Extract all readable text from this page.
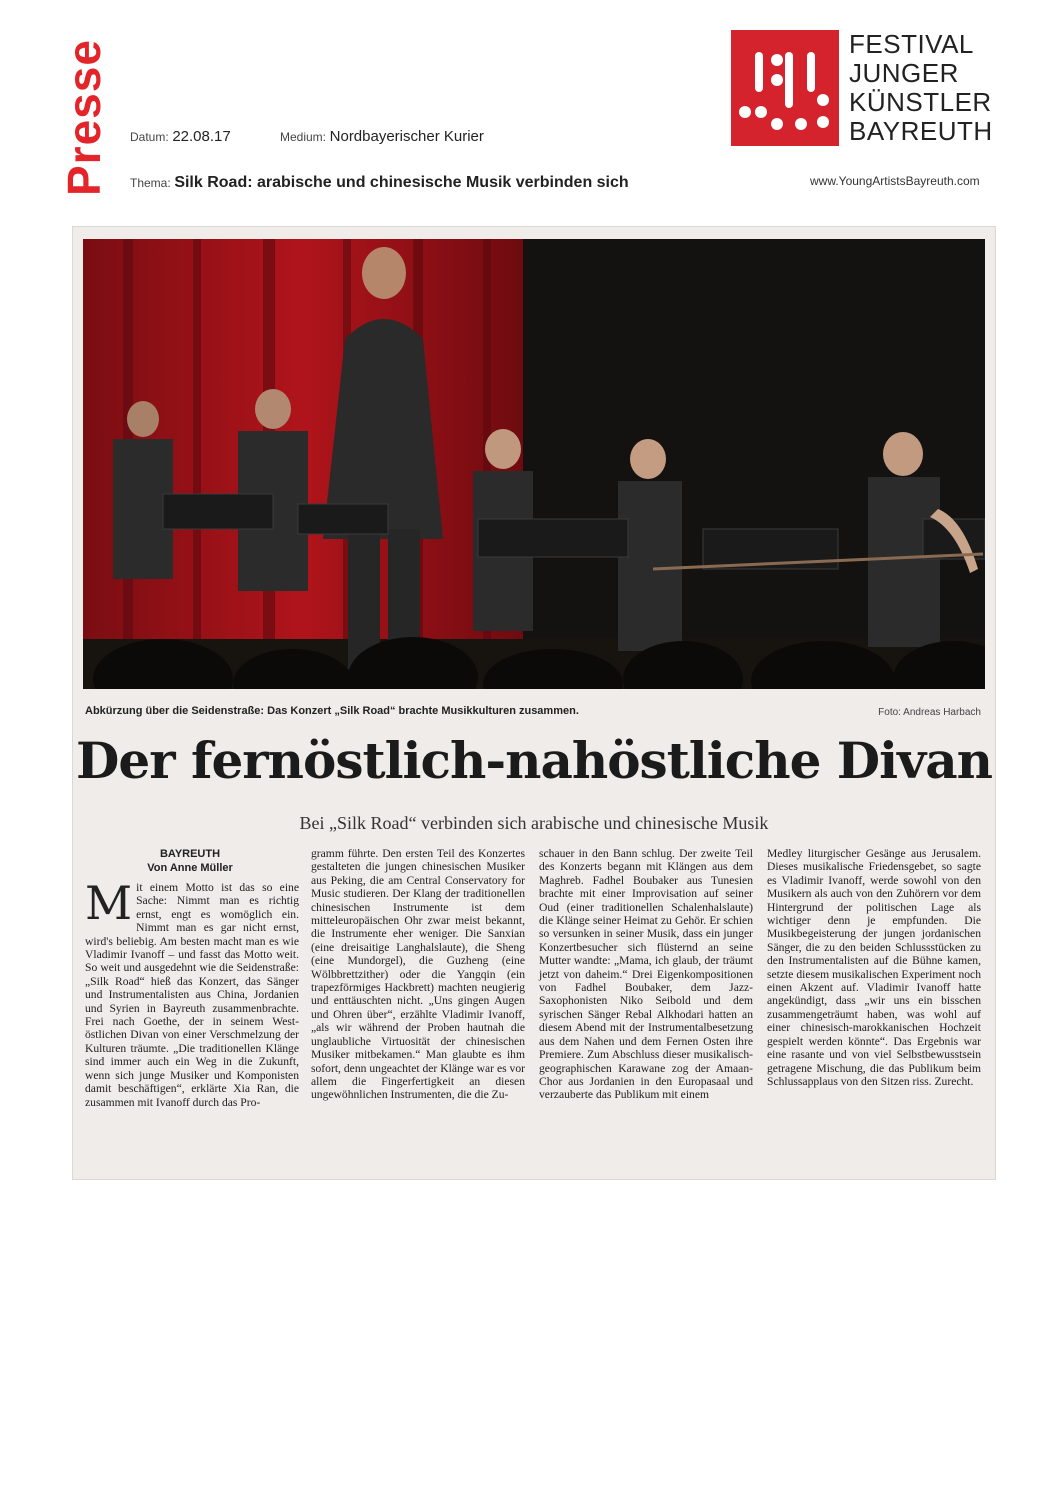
Presse Datum: 22.08.17	Medium: Nordbayerischer Kurier
Thema: Silk Road: arabische und chinesische Musik verbinden sich
FESTIVAL
JUNGER
KÜNSTLER
BAYREUTH
www.YoungArtistsBayreuth.com
Abkürzung über die Seidenstraße: Das Konzert „Silk Road“ brachte Musikkulturen zusammen.	Foto: Andreas Harbach
Der fernöstlich-nahöstliche Divan
Bei „Silk Road“ verbinden sich arabische und chinesische Musik
BAYREUTH
Von Anne Müller
Mit einem Motto ist das so eine Sache: Nimmt man es richtig ernst, engt es womöglich ein. Nimmt man es gar nicht ernst, wird's beliebig. Am besten macht man es wie Vladimir Ivanoff – und fasst das Motto weit. So weit und ausgedehnt wie die Seidenstraße: „Silk Road“ hieß das Konzert, das Sänger und Instrumentalisten aus China, Jordanien und Syrien in Bayreuth zusammenbrachte. Frei nach Goethe, der in seinem West-östlichen Divan von einer Verschmelzung der Kulturen träumte. „Die traditionellen Klänge sind immer auch ein Weg in die Zukunft, wenn sich junge Musiker und Komponisten damit beschäftigen“, erklärte Xia Ran, die zusammen mit Ivanoff durch das Pro-
gramm führte. Den ersten Teil des Konzertes gestalteten die jungen chinesischen Musiker aus Peking, die am Central Conservatory for Music studieren. Der Klang der traditionellen chinesischen Instrumente ist dem mitteleuropäischen Ohr zwar meist bekannt, die Instrumente eher weniger. Die Sanxian (eine dreisaitige Langhalslaute), die Sheng (eine Mundorgel), die Guzheng (eine Wölbbrettzither) oder die Yangqin (ein trapezförmiges Hackbrett) machten neugierig und enttäuschten nicht. „Uns gingen Augen und Ohren über“, erzählte Vladimir Ivanoff, „als wir während der Proben hautnah die unglaubliche Virtuosität der chinesischen Musiker mitbekamen.“ Man glaubte es ihm sofort, denn ungeachtet der Klänge war es vor allem die Fingerfertigkeit an diesen ungewöhnlichen Instrumenten, die die Zu-
schauer in den Bann schlug. Der zweite Teil des Konzerts begann mit Klängen aus dem Maghreb. Fadhel Boubaker aus Tunesien brachte mit einer Improvisation auf seiner Oud (einer traditionellen Schalenhalslaute) die Klänge seiner Heimat zu Gehör. Er schien so versunken in seiner Musik, dass ein junger Konzertbesucher sich flüsternd an seine Mutter wandte: „Mama, ich glaub, der träumt jetzt von daheim.“ Drei Eigenkompositionen von Fadhel Boubaker, dem Jazz-Saxophonisten Niko Seibold und dem syrischen Sänger Rebal Alkhodari hatten an diesem Abend mit der Instrumentalbesetzung aus dem Nahen und dem Fernen Osten ihre Premiere. Zum Abschluss dieser musikalisch-geographischen Karawane zog der Amaan-Chor aus Jordanien in den Europasaal und verzauberte das Publikum mit einem
Medley liturgischer Gesänge aus Jerusalem. Dieses musikalische Friedensgebet, so sagte es Vladimir Ivanoff, werde sowohl von den Musikern als auch von den Zuhörern vor dem Hintergrund der politischen Lage als wichtiger denn je empfunden. Die Musikbegeisterung der jungen jordanischen Sänger, die zu den beiden Schlussstücken zu den Instrumentalisten auf die Bühne kamen, setzte diesem musikalischen Experiment noch einen Akzent auf. Vladimir Ivanoff hatte angekündigt, dass „wir uns ein bisschen zusammengeträumt haben, was wohl auf einer chinesisch-marokkanischen Hochzeit gespielt werden könnte“. Das Ergebnis war eine rasante und von viel Selbstbewusstsein getragene Mischung, die das Publikum beim Schlussapplaus von den Sitzen riss. Zurecht.
